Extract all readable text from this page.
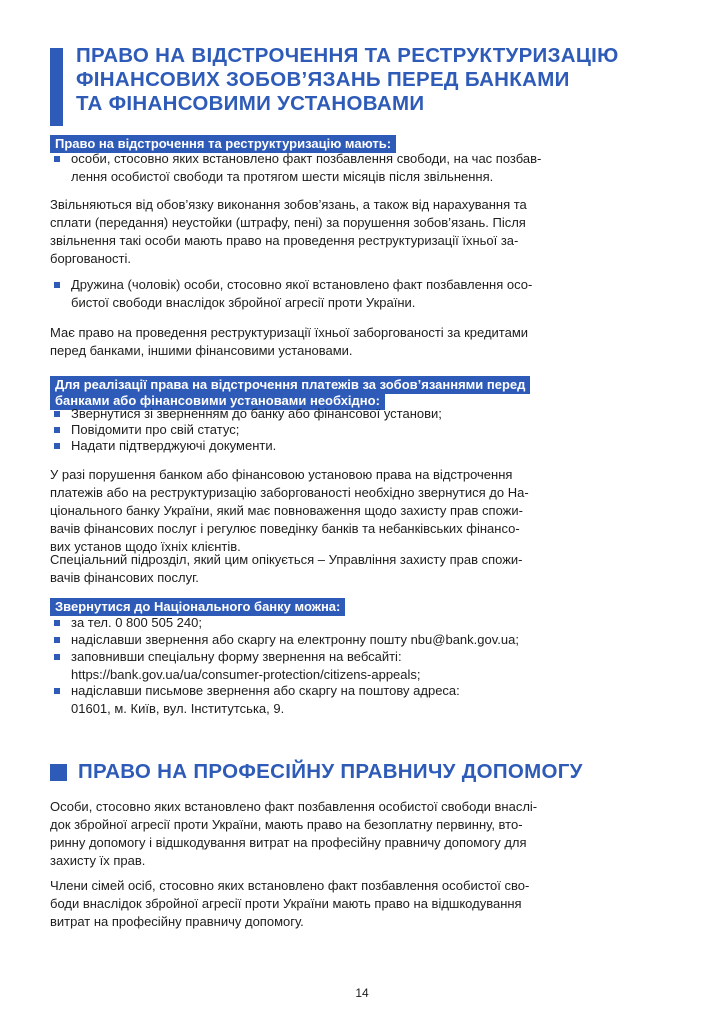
ПРАВО НА ВІДСТРОЧЕННЯ ТА РЕСТРУКТУРИЗАЦІЮ
ФІНАНСОВИХ ЗОБОВ’ЯЗАНЬ ПЕРЕД БАНКАМИ
ТА ФІНАНСОВИМИ УСТАНОВАМИ
Право на відстрочення та реструктуризацію мають:
особи, стосовно яких встановлено факт позбавлення свободи, на час позбав-
лення особистої свободи та протягом шести місяців після звільнення.
Звільняються від обов’язку виконання зобов’язань, а також від нарахування та
сплати (передання) неустойки (штрафу, пені) за порушення зобов’язань. Після
звільнення такі особи мають право на проведення реструктуризації їхньої за-
боргованості.
Дружина (чоловік) особи, стосовно якої встановлено факт позбавлення осо-
бистої свободи внаслідок збройної агресії проти України.
Має право на проведення реструктуризації їхньої заборгованості за кредитами
перед банками, іншими фінансовими установами.
Для реалізації права на відстрочення платежів за зобов’язаннями перед
банками або фінансовими установами необхідно:
Звернутися зі зверненням до банку або фінансової установи;
Повідомити про свій статус;
Надати підтверджуючі документи.
У разі порушення банком або фінансовою установою права на відстрочення
платежів або на реструктуризацію заборгованості необхідно звернутися до На-
ціонального банку України, який має повноваження щодо захисту прав спожи-
вачів фінансових послуг і регулює поведінку банків та небанківських фінансо-
вих установ щодо їхніх клієнтів.
Спеціальний підрозділ, який цим опікується – Управління захисту прав спожи-
вачів фінансових послуг.
Звернутися до Національного банку можна:
за тел. 0 800 505 240;
надіславши звернення або скаргу на електронну пошту nbu@bank.gov.ua;
заповнивши спеціальну форму звернення на вебсайті:
https://bank.gov.ua/ua/consumer-protection/citizens-appeals;
надіславши письмове звернення або скаргу на поштову адреса:
01601, м. Київ, вул. Інститутська, 9.
ПРАВО НА ПРОФЕСІЙНУ ПРАВНИЧУ ДОПОМОГУ
Особи, стосовно яких встановлено факт позбавлення особистої свободи внаслі-
док збройної агресії проти України, мають право на безоплатну первинну, вто-
ринну допомогу і відшкодування витрат на професійну правничу допомогу для
захисту їх прав.
Члени сімей осіб, стосовно яких встановлено факт позбавлення особистої сво-
боди внаслідок збройної агресії проти України мають право на відшкодування
витрат на професійну правничу допомогу.
14
